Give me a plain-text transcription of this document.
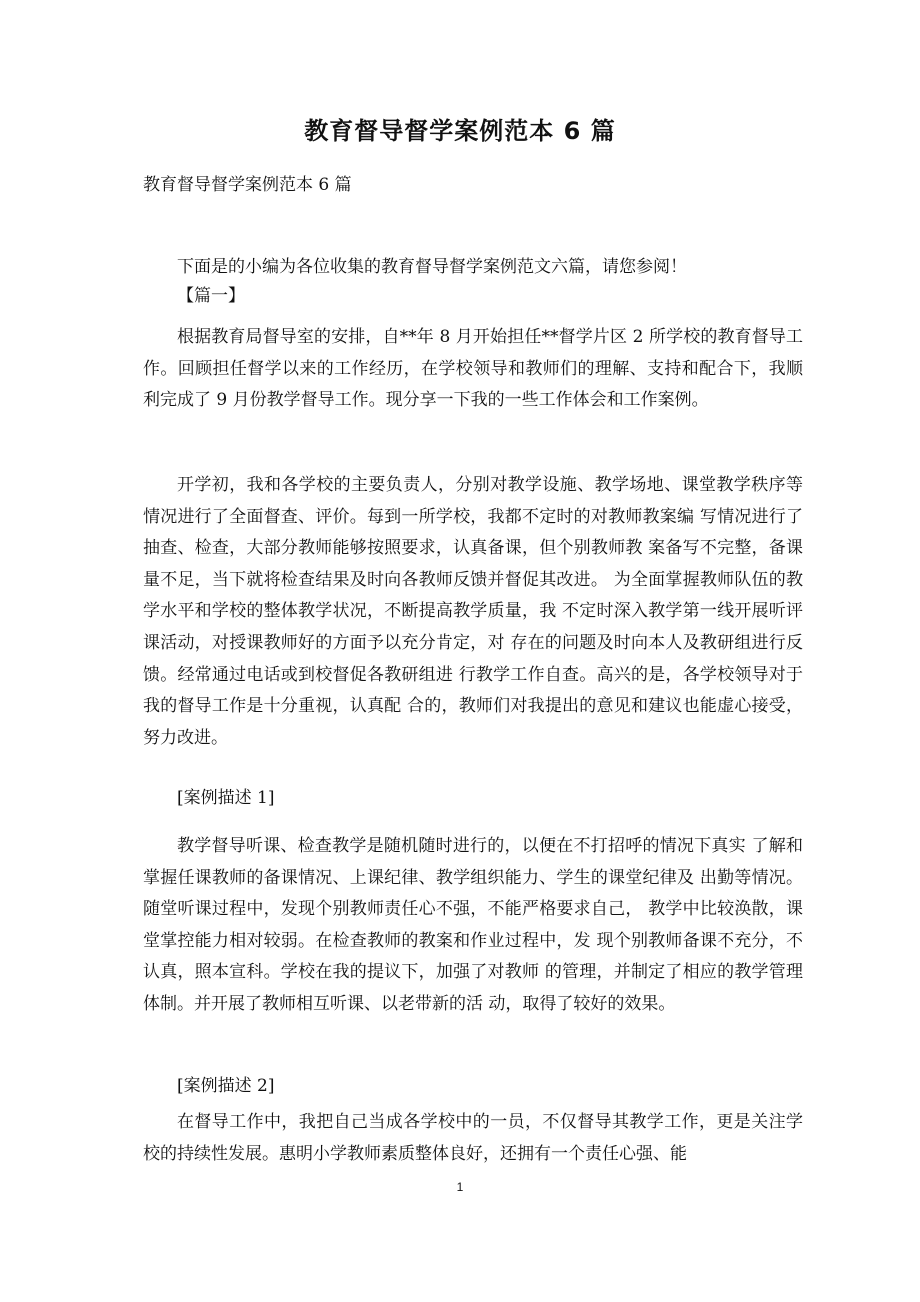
教育督导督学案例范本 6 篇
教育督导督学案例范本 6 篇
下面是的小编为各位收集的教育督导督学案例范文六篇，请您参阅！
【篇一】
根据教育局督导室的安排，自**年 8 月开始担任**督学片区 2 所学校的教育督导工作。回顾担任督学以来的工作经历，在学校领导和教师们的理解、支持和配合下，我顺利完成了 9 月份教学督导工作。现分享一下我的一些工作体会和工作案例。
开学初，我和各学校的主要负责人，分别对教学设施、教学场地、课堂教学秩序等情况进行了全面督查、评价。每到一所学校，我都不定时的对教师教案编 写情况进行了抽查、检查，大部分教师能够按照要求，认真备课，但个别教师教 案备写不完整，备课量不足，当下就将检查结果及时向各教师反馈并督促其改进。 为全面掌握教师队伍的教学水平和学校的整体教学状况，不断提高教学质量，我 不定时深入教学第一线开展听评课活动，对授课教师好的方面予以充分肯定，对 存在的问题及时向本人及教研组进行反馈。经常通过电话或到校督促各教研组进 行教学工作自查。高兴的是，各学校领导对于我的督导工作是十分重视，认真配 合的，教师们对我提出的意见和建议也能虚心接受，努力改进。
[案例描述 1]
教学督导听课、检查教学是随机随时进行的，以便在不打招呼的情况下真实 了解和掌握任课教师的备课情况、上课纪律、教学组织能力、学生的课堂纪律及 出勤等情况。随堂听课过程中，发现个别教师责任心不强，不能严格要求自己， 教学中比较涣散，课堂掌控能力相对较弱。在检查教师的教案和作业过程中，发 现个别教师备课不充分，不认真，照本宣科。学校在我的提议下，加强了对教师 的管理，并制定了相应的教学管理体制。并开展了教师相互听课、以老带新的活 动，取得了较好的效果。
[案例描述 2]
在督导工作中，我把自己当成各学校中的一员，不仅督导其教学工作，更是关注学校的持续性发展。惠明小学教师素质整体良好，还拥有一个责任心强、能
1
